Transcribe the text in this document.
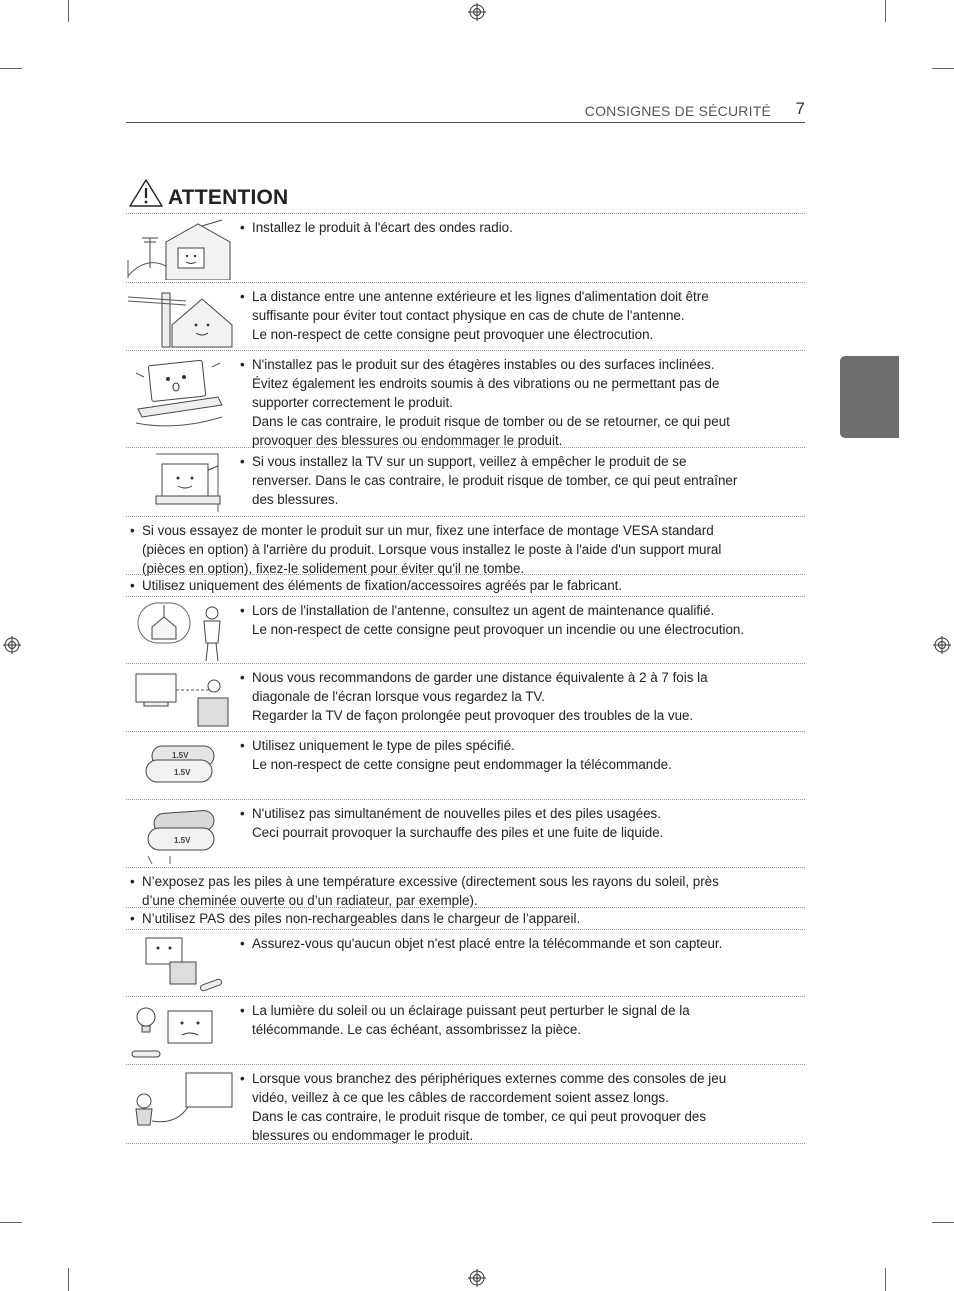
CONSIGNES DE SÉCURITÉ 7
FRANÇAIS
ATTENTION
• Installez le produit à l'écart des ondes radio.
• La distance entre une antenne extérieure et les lignes d'alimentation doit être
suffisante pour éviter tout contact physique en cas de chute de l'antenne.
Le non-respect de cette consigne peut provoquer une électrocution.
• N'installez pas le produit sur des étagères instables ou des surfaces inclinées.
Évitez également les endroits soumis à des vibrations ou ne permettant pas de
supporter correctement le produit.
Dans le cas contraire, le produit risque de tomber ou de se retourner, ce qui peut
provoquer des blessures ou endommager le produit.
• Si vous installez la TV sur un support, veillez à empêcher le produit de se
renverser. Dans le cas contraire, le produit risque de tomber, ce qui peut entraîner
des blessures.
• Si vous essayez de monter le produit sur un mur, fixez une interface de montage VESA standard
(pièces en option) à l'arrière du produit. Lorsque vous installez le poste à l'aide d'un support mural
(pièces en option), fixez-le solidement pour éviter qu'il ne tombe.
• Utilisez uniquement des éléments de fixation/accessoires agréés par le fabricant.
• Lors de l'installation de l'antenne, consultez un agent de maintenance qualifié.
Le non-respect de cette consigne peut provoquer un incendie ou une électrocution.
• Nous vous recommandons de garder une distance équivalente à 2 à 7 fois la
diagonale de l'écran lorsque vous regardez la TV.
Regarder la TV de façon prolongée peut provoquer des troubles de la vue.
1.5V
1.5V
• Utilisez uniquement le type de piles spécifié.
Le non-respect de cette consigne peut endommager la télécommande.
1.5V
• N'utilisez pas simultanément de nouvelles piles et des piles usagées.
Ceci pourrait provoquer la surchauffe des piles et une fuite de liquide.
• N’exposez pas les piles à une température excessive (directement sous les rayons du soleil, près
d’une cheminée ouverte ou d’un radiateur, par exemple).
• N’utilisez PAS des piles non-rechargeables dans le chargeur de l’appareil.
• Assurez-vous qu'aucun objet n'est placé entre la télécommande et son capteur.
• La lumière du soleil ou un éclairage puissant peut perturber le signal de la
télécommande. Le cas échéant, assombrissez la pièce.
• Lorsque vous branchez des périphériques externes comme des consoles de jeu
vidéo, veillez à ce que les câbles de raccordement soient assez longs.
Dans le cas contraire, le produit risque de tomber, ce qui peut provoquer des
blessures ou endommager le produit.
